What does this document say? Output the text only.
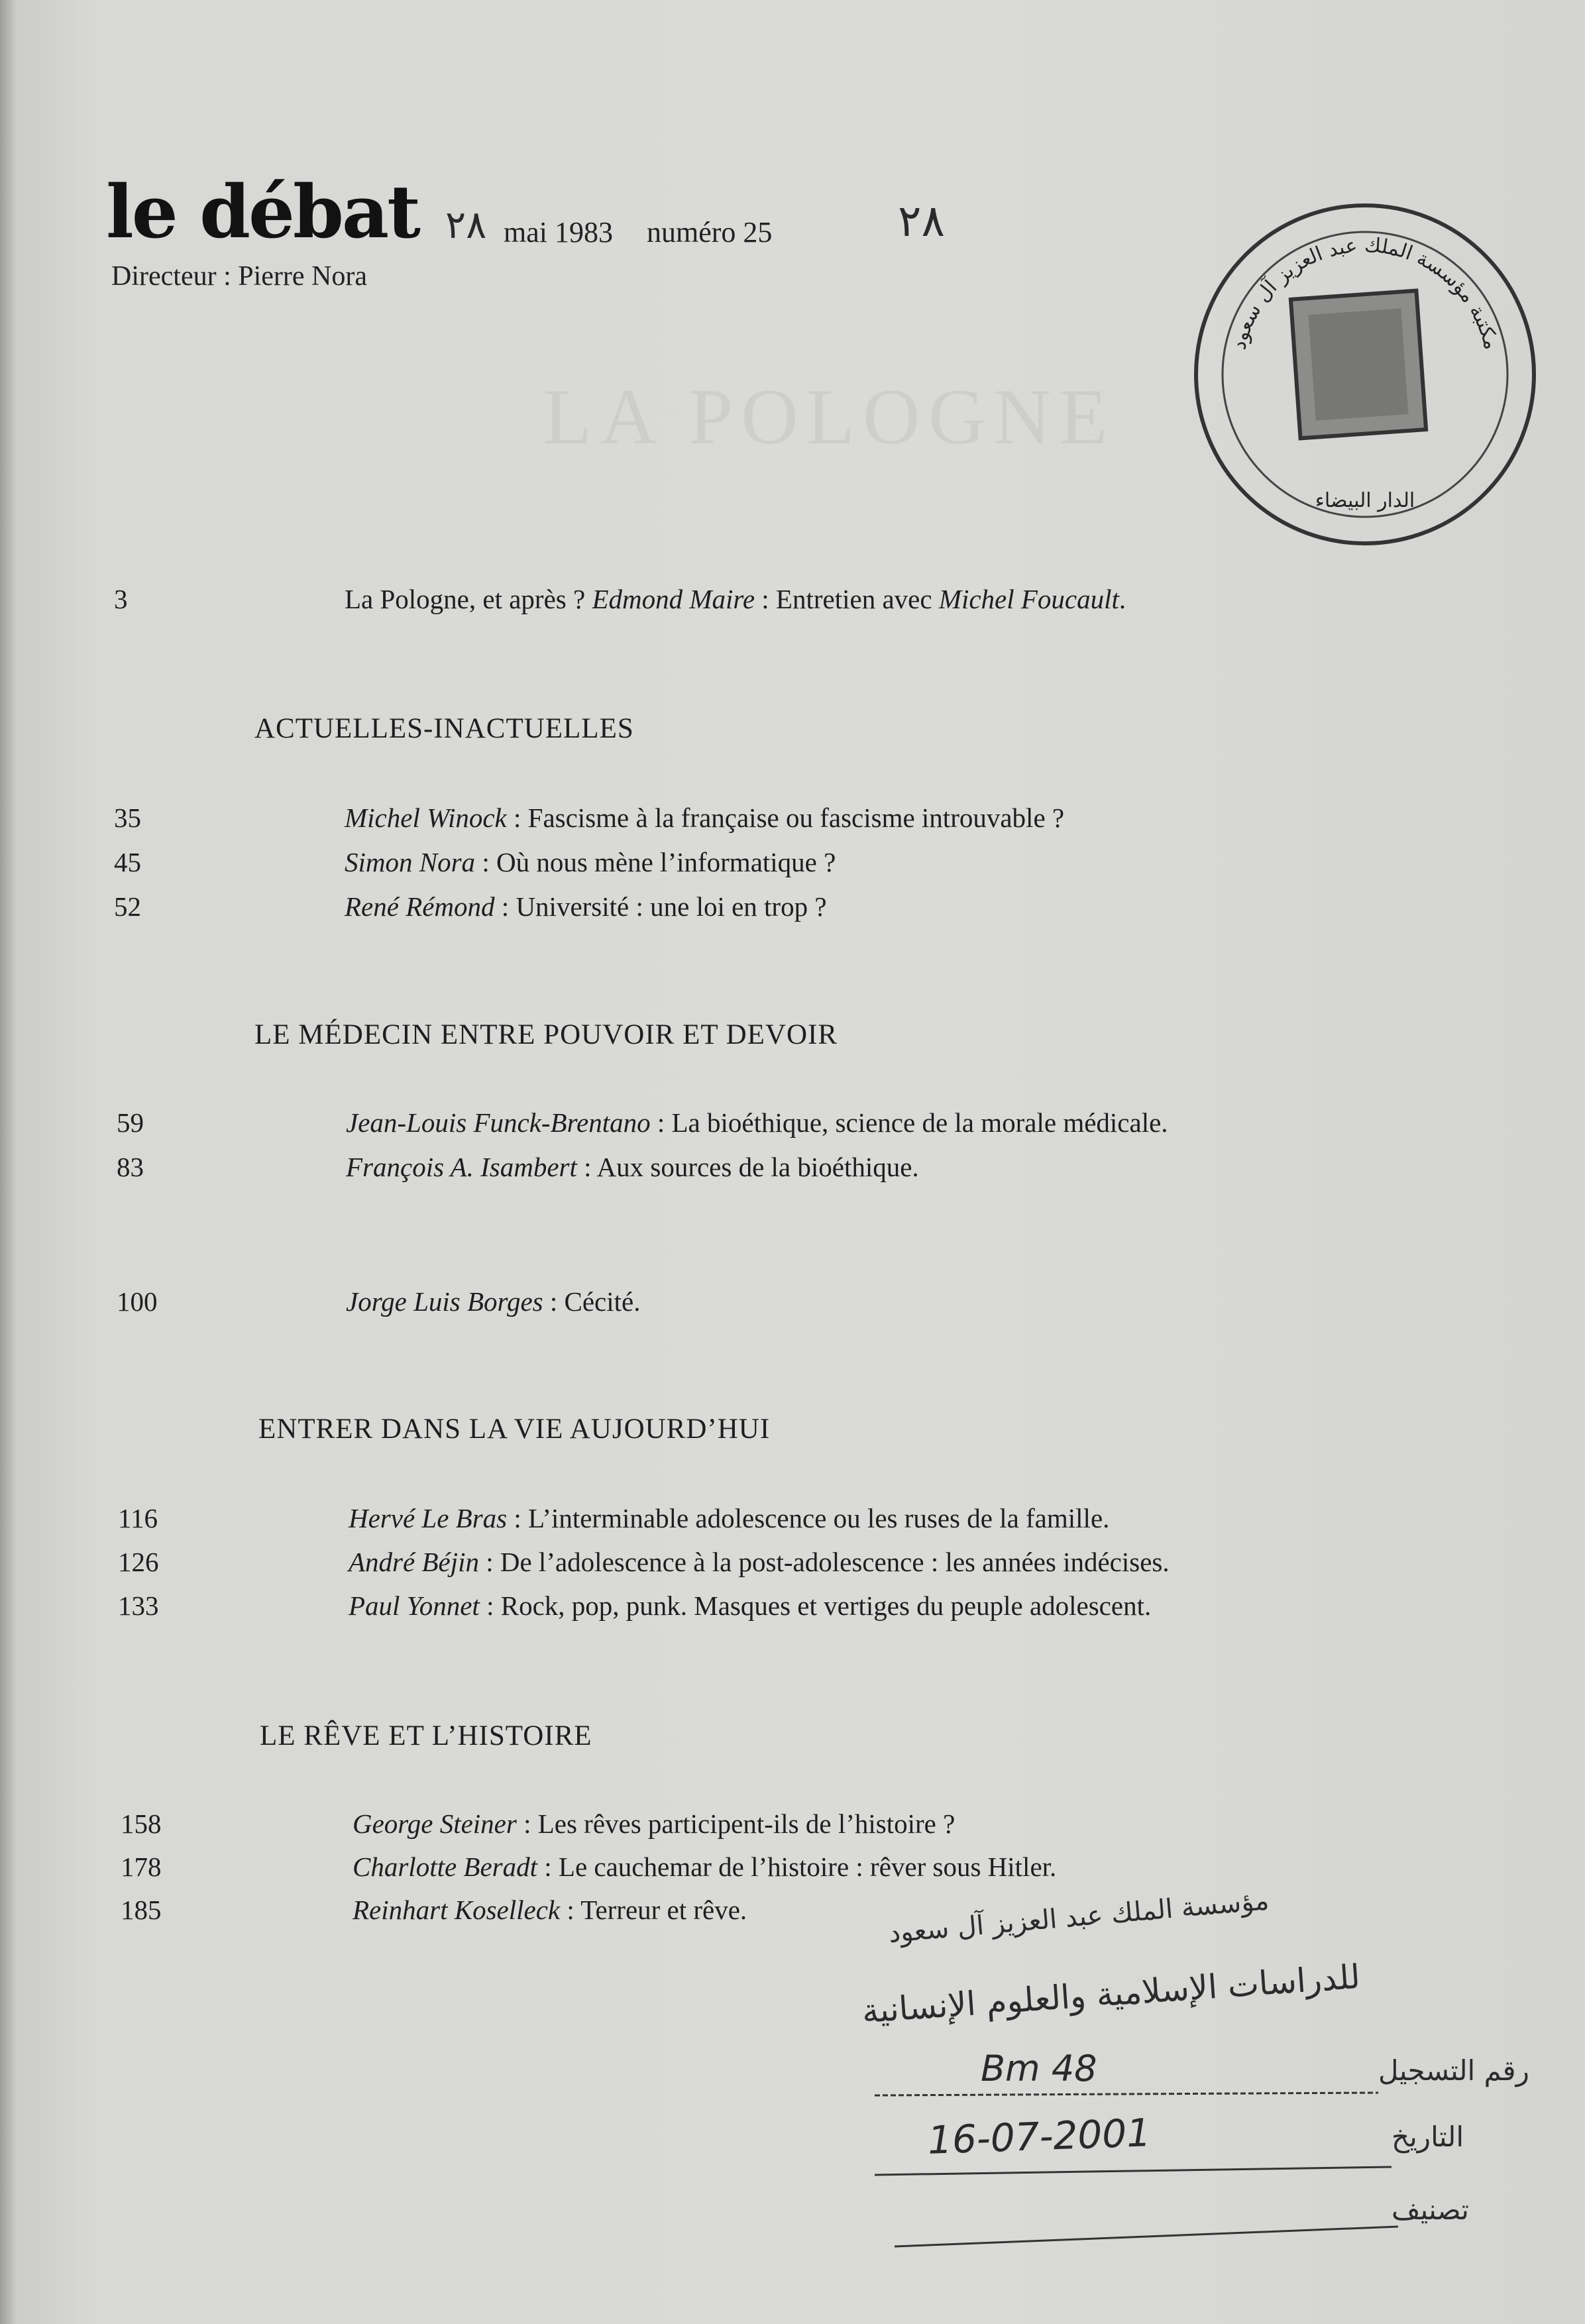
le débat ٢٨ mai 1983 numéro 25	٢٨
Directeur : Pierre Nora
مكتبة مؤسسة الملك عبد العزيز آل سعود
الدار البيضاء
LA POLOGNE
3	La Pologne, et après ? Edmond Maire : Entretien avec Michel Foucault.
ACTUELLES-INACTUELLES
35	Michel Winock : Fascisme à la française ou fascisme introuvable ?
45	Simon Nora : Où nous mène l’informatique ?
52	René Rémond : Université : une loi en trop ?
LE MÉDECIN ENTRE POUVOIR ET DEVOIR
59	Jean-Louis Funck-Brentano : La bioéthique, science de la morale médicale.
83	François A. Isambert : Aux sources de la bioéthique.
100	Jorge Luis Borges : Cécité.
ENTRER DANS LA VIE AUJOURD’HUI
116	Hervé Le Bras : L’interminable adolescence ou les ruses de la famille.
126	André Béjin : De l’adolescence à la post-adolescence : les années indécises.
133	Paul Yonnet : Rock, pop, punk. Masques et vertiges du peuple adolescent.
LE RÊVE ET L’HISTOIRE
158	George Steiner : Les rêves participent-ils de l’histoire ?
178	Charlotte Beradt : Le cauchemar de l’histoire : rêver sous Hitler.
185	Reinhart Koselleck : Terreur et rêve.	مؤسسة الملك عبد العزيز آل سعود
للدراسات الإسلامية والعلوم الإنسانية
رقم التسجيل
Bm 48
التاريخ
16-07-2001
تصنيف
